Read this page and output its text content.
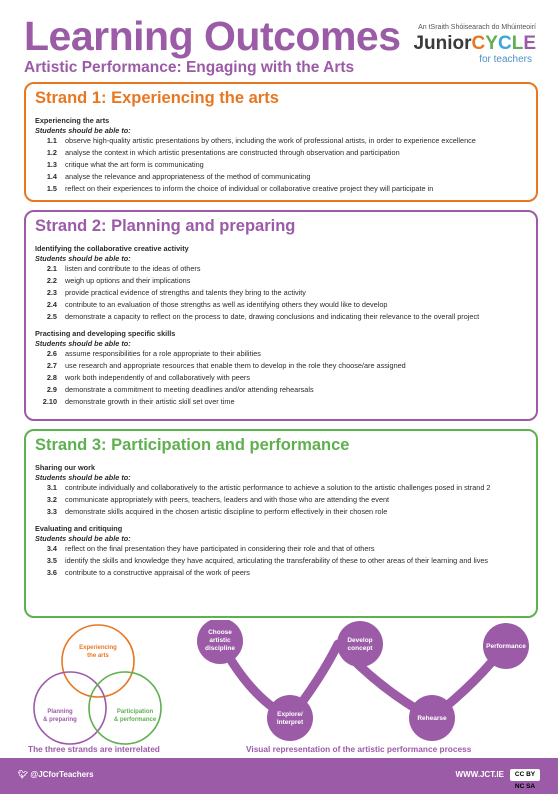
Learning Outcomes
Artistic Performance: Engaging with the Arts
An tSraith Shóisearach do Mhúinteoirí
JuniorCYCLE
for teachers
Strand 1: Experiencing the arts
Experiencing the arts
Students should be able to:
1.1	observe high-quality artistic presentations by others, including the work of professional artists, in order to experience excellence
1.2	analyse the context in which artistic presentations are constructed through observation and participation
1.3	critique what the art form is communicating
1.4	analyse the relevance and appropriateness of the method of communicating
1.5	reflect on their experiences to inform the choice of individual or collaborative creative project they will participate in
Strand 2: Planning and preparing
Identifying the collaborative creative activity
Students should be able to:
2.1	listen and contribute to the ideas of others
2.2	weigh up options and their implications
2.3	provide practical evidence of strengths and talents they bring to the activity
2.4	contribute to an evaluation of those strengths as well as identifying others they would like to develop
2.5	demonstrate a capacity to reflect on the process to date, drawing conclusions and indicating their relevance to the overall project
Practising and developing specific skills
Students should be able to:
2.6	assume responsibilities for a role appropriate to their abilities
2.7	use research and appropriate resources that enable them to develop in the role they choose/are assigned
2.8	work both independently of and collaboratively with peers
2.9	demonstrate a commitment to meeting deadlines and/or attending rehearsals
2.10	demonstrate growth in their artistic skill set over time
Strand 3: Participation and performance
Sharing our work
Students should be able to:
3.1	contribute individually and collaboratively to the artistic performance to achieve a solution to the artistic challenges posed in strand 2
3.2	communicate appropriately with peers, teachers, leaders and with those who are attending the event
3.3	demonstrate skills acquired in the chosen artistic discipline to perform effectively in their chosen role
Evaluating and critiquing
Students should be able to:
3.4	reflect on the final presentation they have participated in considering their role and that of others
3.5	identify the skills and knowledge they have acquired, articulating the transferability of these to other areas of their learning and lives
3.6	contribute to a constructive appraisal of the work of peers
Experiencing
the arts
Planning
& preparing
Participation
& performance
Choose
artistic
discipline
Explore/
Interpret
Develop
concept
Rehearse
Performance
The three strands are interrelated	Visual representation of the artistic performance process
🐦︎ @JCforTeachers	WWW.JCT.IE	CC BY NC SA
